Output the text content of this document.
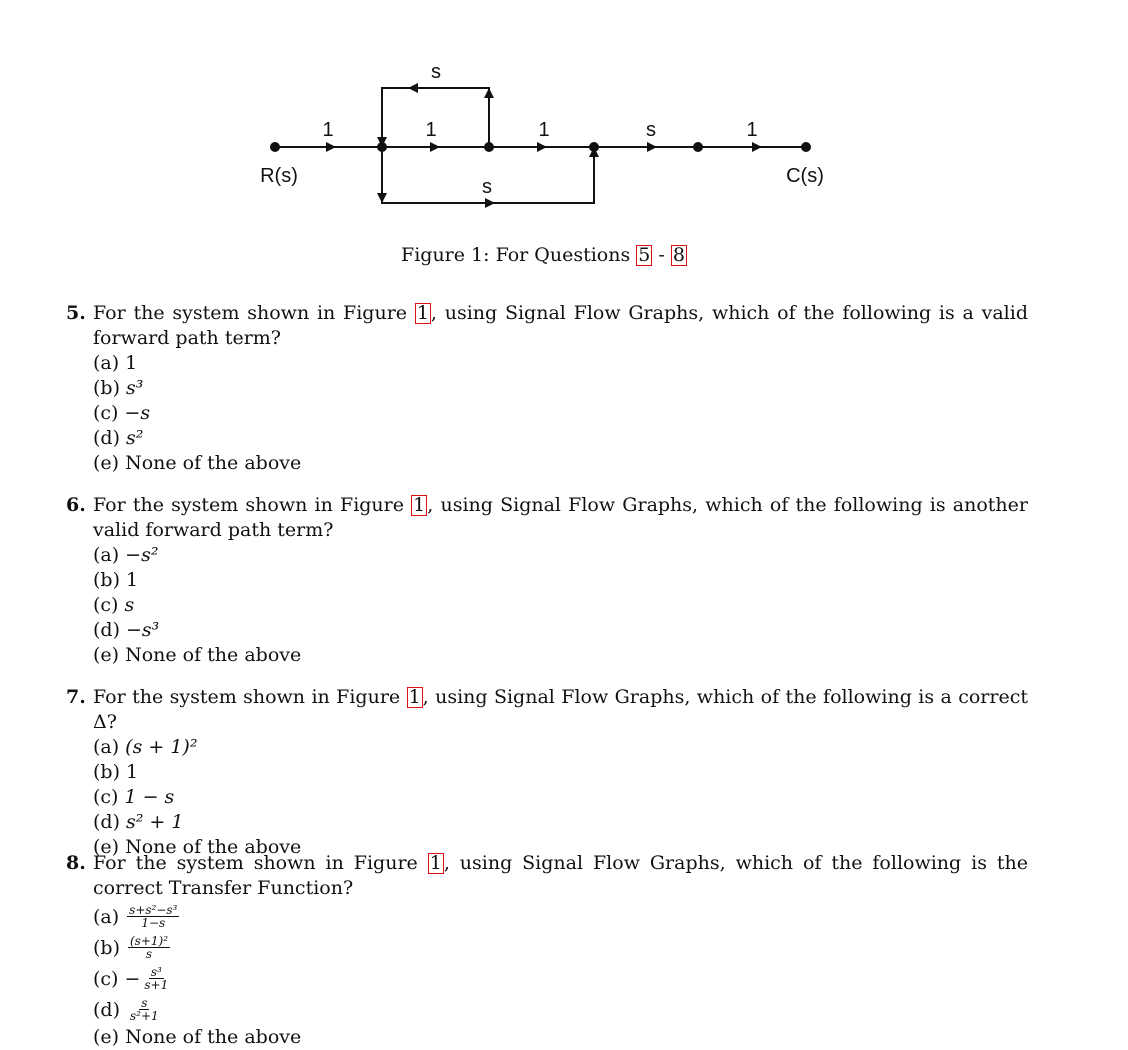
1	1	1	s	1
s
s
R(s)	C(s)
Figure 1: For Questions 5 - 8
5. For the system shown in Figure 1 , using Signal Flow Graphs, which of the following is a valid forward path term?
(a) 1
(b) s³
(c) −s
(d) s²
(e) None of the above
6. For the system shown in Figure 1 , using Signal Flow Graphs, which of the following is another valid forward path term?
(a) −s²
(b) 1
(c) s
(d) −s³
(e) None of the above
7. For the system shown in Figure 1 , using Signal Flow Graphs, which of the following is a correct Δ?
(a) (s + 1)²
(b) 1
(c) 1 − s
(d) s² + 1
(e) None of the above
8. For the system shown in Figure 1 , using Signal Flow Graphs, which of the following is the correct Transfer Function?
$(a) \frac{\text{s+s²−s³}}{1-s}$
$(b) \frac{\text{(s+1)²}}{s}$
$(c) - \frac{\text{s³}}{s+1}$
$(d) \frac{s}{\text{s²+1}}$
(e) None of the above
